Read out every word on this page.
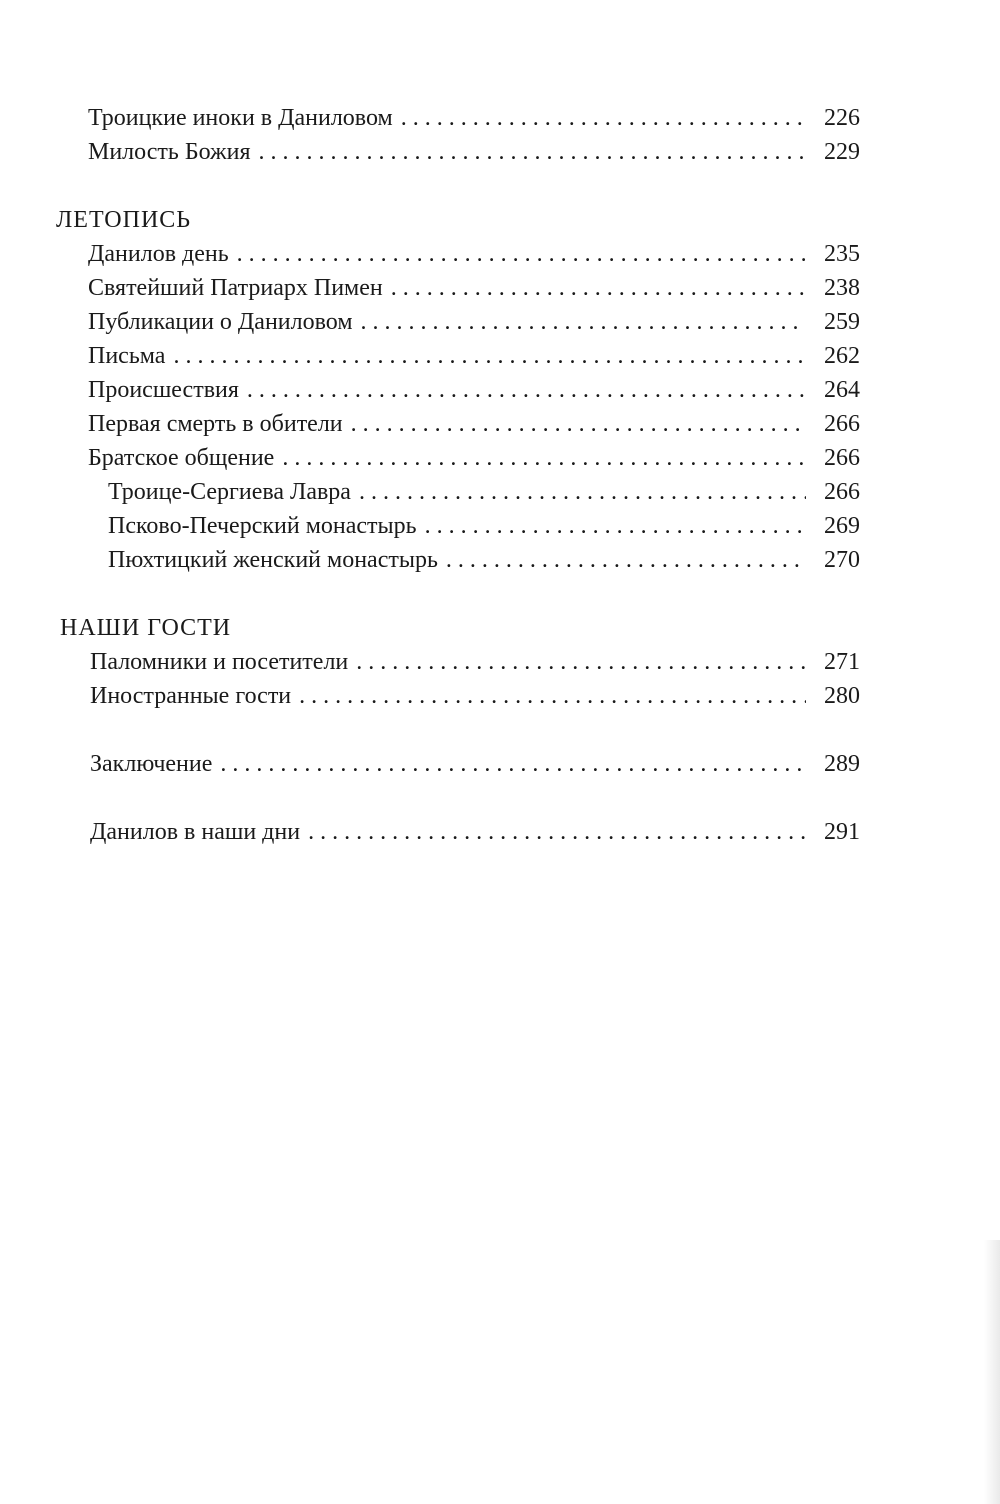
Троицкие иноки в Даниловом . . .	226
Милость Божия . . .	229
ЛЕТОПИСЬ
Данилов день . . .	235
Святейший Патриарх Пимен . . .	238
Публикации о Даниловом . . .	259
Письма . . .	262
Происшествия . . .	264
Первая смерть в обители . . .	266
Братское общение . . .	266
Троице-Сергиева Лавра . . .	266
Псково-Печерский монастырь . . .	269
Пюхтицкий женский монастырь . . .	270
НАШИ ГОСТИ
Паломники и посетители . . .	271
Иностранные гости . . .	280
Заключение . . .	289
Данилов в наши дни . . .	291
